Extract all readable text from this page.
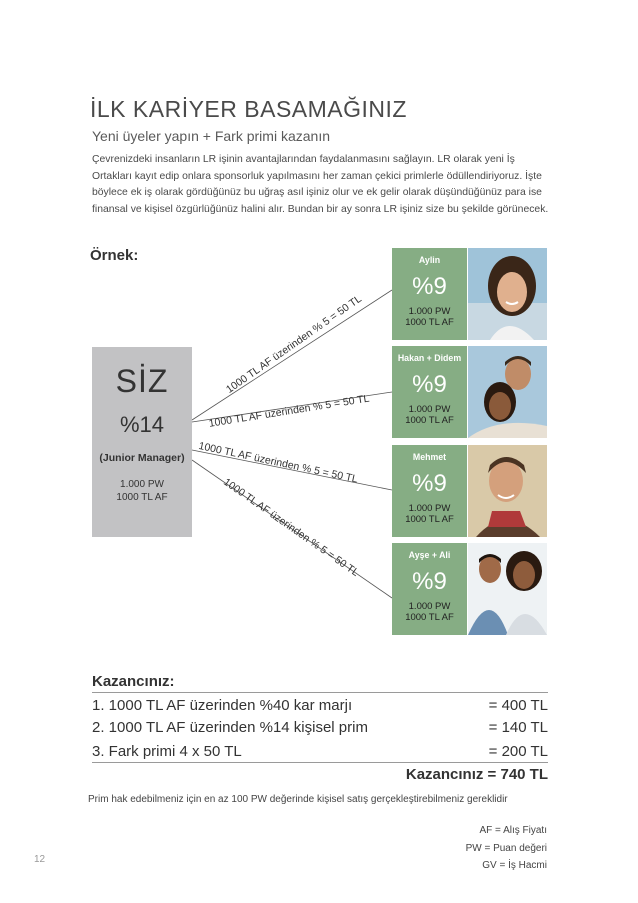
İLK KARİYER BASAMAĞINIZ
Yeni üyeler yapın + Fark primi kazanın
Çevrenizdeki insanların LR işinin avantajlarından faydalanmasını sağlayın. LR olarak yeni İş Ortakları kayıt edip onlara sponsorluk yapılmasını her zaman çekici primlerle ödüllendiriyoruz. İşte böylece ek iş olarak gördüğünüz bu uğraş asıl işiniz olur ve ek gelir olarak düşündüğünüz para ise finansal ve kişisel özgürlüğünüz halini alır. Bundan bir ay sonra LR işiniz size bu şekilde görünecek.
Örnek:
1000 TL AF üzerinden % 5 = 50 TL
1000 TL AF üzerinden % 5 = 50 TL
1000 TL AF üzerinden % 5 = 50 TL
1000 TL AF üzerinden % 5 = 50 TL
SİZ
%14
(Junior Manager)
1.000 PW
1000 TL AF
Aylin
%9
1.000 PW
1000 TL AF
Hakan + Didem
%9
1.000 PW
1000 TL AF
Mehmet
%9
1.000 PW
1000 TL AF
Ayşe + Ali
%9
1.000 PW
1000 TL AF
Kazancınız:
1. 1000 TL AF üzerinden %40 kar marjı	= 400 TL
2. 1000 TL AF üzerinden %14 kişisel prim	= 140 TL
3. Fark primi 4 x 50 TL	= 200 TL
Kazancınız = 740 TL
Prim hak edebilmeniz için en az 100 PW değerinde kişisel satış gerçekleştirebilmeniz gereklidir
AF = Alış Fiyatı
PW = Puan değeri
GV = İş Hacmi
12
